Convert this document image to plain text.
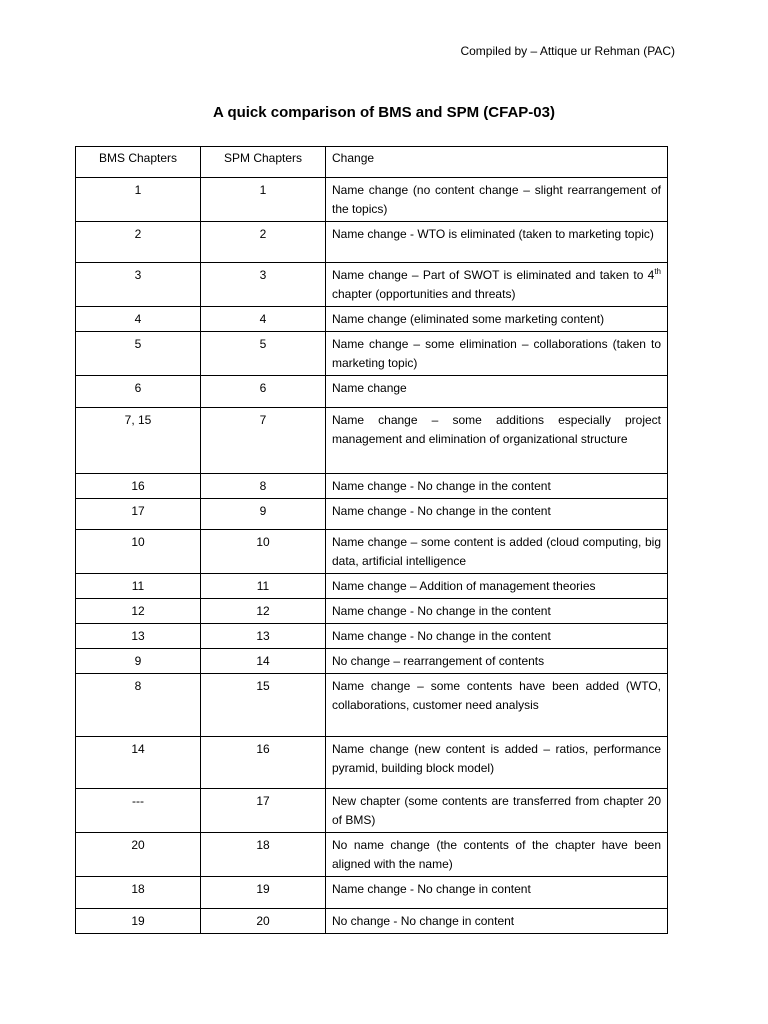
Compiled by – Attique ur Rehman (PAC)
A quick comparison of BMS and SPM (CFAP-03)
BMS Chapters	SPM Chapters	Change
1	1	Name change (no content change – slight rearrangement of the topics)
2	2	Name change - WTO is eliminated (taken to marketing topic)
3	3	Name change – Part of SWOT is eliminated and taken to 4th chapter (opportunities and threats)
4	4	Name change (eliminated some marketing content)
5	5	Name change – some elimination – collaborations (taken to marketing topic)
6	6	Name change
7, 15	7	Name change – some additions especially project management and elimination of organizational structure
16	8	Name change - No change in the content
17	9	Name change - No change in the content
10	10	Name change – some content is added (cloud computing, big data, artificial intelligence
11	11	Name change – Addition of management theories
12	12	Name change - No change in the content
13	13	Name change - No change in the content
9	14	No change – rearrangement of contents
8	15	Name change – some contents have been added (WTO, collaborations, customer need analysis
14	16	Name change (new content is added – ratios, performance pyramid, building block model)
---	17	New chapter (some contents are transferred from chapter 20 of BMS)
20	18	No name change (the contents of the chapter have been aligned with the name)
18	19	Name change - No change in content
19	20	No change - No change in content
